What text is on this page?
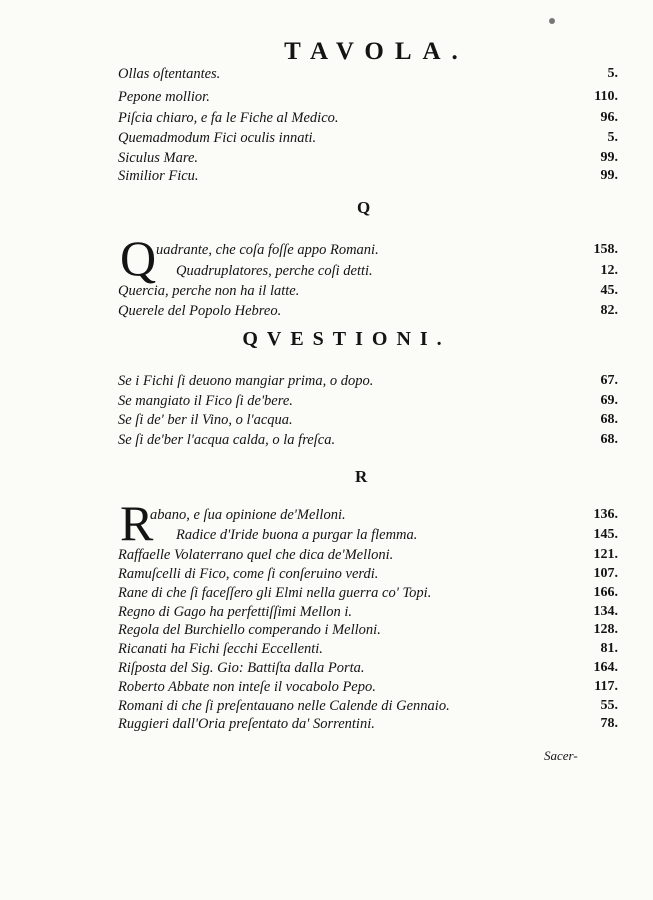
TAVOLA.
Ollas oſtentantes.	5.
Pepone mollior.	110.
Piſcia chiaro, e fa le Fiche al Medico.	96.
Quemadmodum Fici oculis innati.	5.
Siculus Mare.	99.
Similior Ficu.	99.
Q
Q uadrante, che coſa foſſe appo Romani.	158.
Quadruplatores, perche coſi detti.	12.
Quercia, perche non ha il latte.	45.
Querele del Popolo Hebreo.	82.
QVESTIONI.
Se i Fichi ſi deuono mangiar prima, o dopo.	67.
Se mangiato il Fico ſi de'bere.	69.
Se ſi de' ber il Vino, o l'acqua.	68.
Se ſi de'ber l'acqua calda, o la freſca.	68.
R
R
abano, e ſua opinione de'Melloni.	136.
Radice d'Iride buona a purgar la flemma.	145.
Raffaelle Volaterrano quel che dica de'Melloni.	121.
Ramuſcelli di Fico, come ſi conſeruino verdi.	107.
Rane di che ſi faceſſero gli Elmi nella guerra co' Topi.	166.
Regno di Gago ha perfettiſſimi Mellon i.	134.
Regola del Burchiello comperando i Melloni.	128.
Ricanati ha Fichi ſecchi Eccellenti.	81.
Riſposta del Sig. Gio: Battiſta dalla Porta.	164.
Roberto Abbate non inteſe il vocabolo Pepo.	117.
Romani di che ſi preſentauano nelle Calende di Gennaio.	55.
Ruggieri dall'Oria preſentato da' Sorrentini.	78.
Sacer-
